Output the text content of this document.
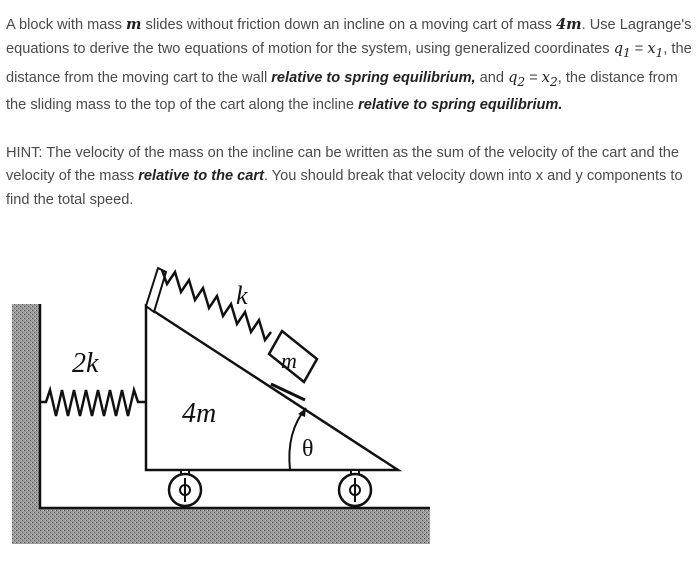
A block with mass m slides without friction down an incline on a moving cart of mass 4m. Use Lagrange's equations to derive the two equations of motion for the system, using generalized coordinates $q_1 = x_1$, the distance from the moving cart to the wall relative to spring equilibrium, and $q_2 = x_2$, the distance from the sliding mass to the top of the cart along the incline relative to spring equilibrium.

HINT: The velocity of the mass on the incline can be written as the sum of the velocity of the cart and the velocity of the mass relative to the cart. You should break that velocity down into x and y components to find the total speed.

2k
4m
k
m
θ
